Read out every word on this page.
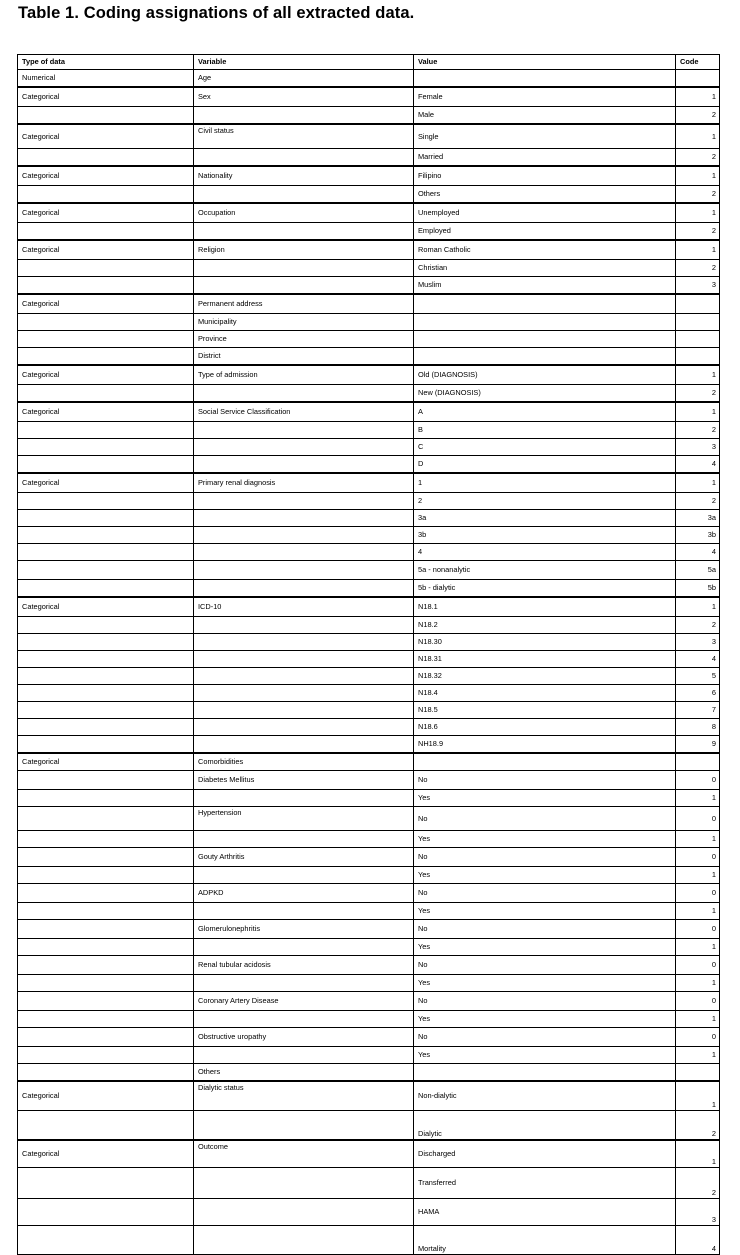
Table 1. Coding assignations of all extracted data.
Type of data	Variable	Value	Code
Numerical	Age		
Categorical	Sex	Female	1
		Male	2
Categorical	Civil status	Single	1
		Married	2
Categorical	Nationality	Filipino	1
		Others	2
Categorical	Occupation	Unemployed	1
		Employed	2
Categorical	Religion	Roman Catholic	1
		Christian	2
		Muslim	3
Categorical	Permanent address		
	Municipality		
	Province		
	District		
Categorical	Type of admission	Old (DIAGNOSIS)	1
		New (DIAGNOSIS)	2
Categorical	Social Service Classification	A	1
		B	2
		C	3
		D	4
Categorical	Primary renal diagnosis	1	1
		2	2
		3a	3a
		3b	3b
		4	4
		5a - nonanalytic	5a
		5b - dialytic	5b
Categorical	ICD-10	N18.1	1
		N18.2	2
		N18.30	3
		N18.31	4
		N18.32	5
		N18.4	6
		N18.5	7
		N18.6	8
		NH18.9	9
Categorical	Comorbidities		
	Diabetes Mellitus	No	0
		Yes	1
	Hypertension	No	0
		Yes	1
	Gouty Arthritis	No	0
		Yes	1
	ADPKD	No	0
		Yes	1
	Glomerulonephritis	No	0
		Yes	1
	Renal tubular acidosis	No	0
		Yes	1
	Coronary Artery Disease	No	0
		Yes	1
	Obstructive uropathy	No	0
		Yes	1
	Others		
Categorical	Dialytic status	Non-dialytic	1
		Dialytic	2
Categorical	Outcome	Discharged	1
		Transferred	2
		HAMA	3
		Mortality	4
